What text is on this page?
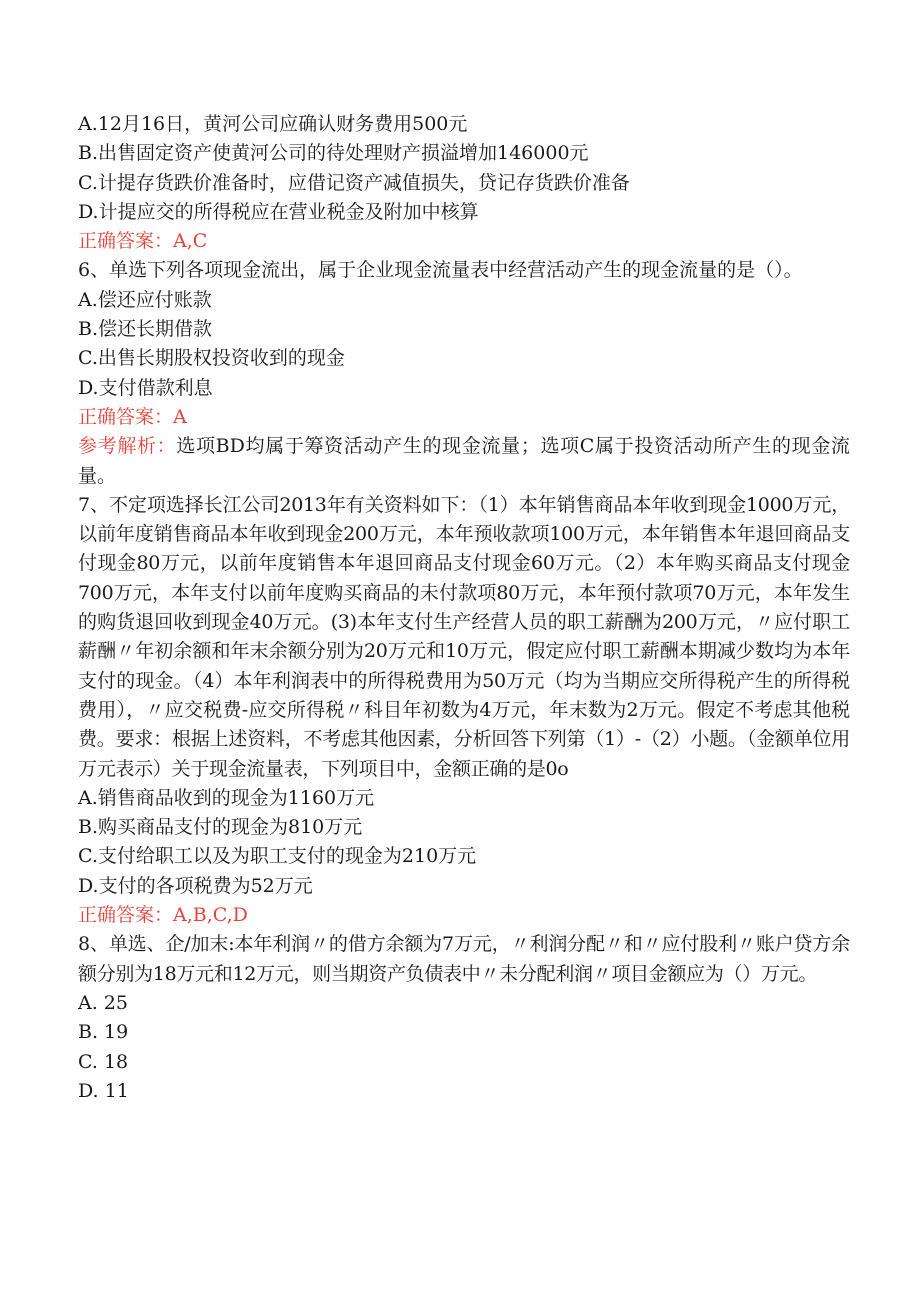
A.12月16日，黄河公司应确认财务费用500元
B.出售固定资产使黄河公司的待处理财产损溢增加146000元
C.计提存货跌价准备时，应借记资产减值损失，贷记存货跌价准备
D.计提应交的所得税应在营业税金及附加中核算
正确答案：A,C
6、单选下列各项现金流出，属于企业现金流量表中经营活动产生的现金流量的是（）。
A.偿还应付账款
B.偿还长期借款
C.出售长期股权投资收到的现金
D.支付借款利息
正确答案：A
参考解析：选项BD均属于筹资活动产生的现金流量；选项C属于投资活动所产生的现金流量。
7、不定项选择长江公司2013年有关资料如下：（1）本年销售商品本年收到现金1000万元，以前年度销售商品本年收到现金200万元，本年预收款项100万元，本年销售本年退回商品支付现金80万元，以前年度销售本年退回商品支付现金60万元。（2）本年购买商品支付现金700万元，本年支付以前年度购买商品的未付款项80万元，本年预付款项70万元，本年发生的购货退回收到现金40万元。(3)本年支付生产经营人员的职工薪酬为200万元，〃应付职工薪酬〃年初余额和年末余额分别为20万元和10万元，假定应付职工薪酬本期减少数均为本年支付的现金。（4）本年利润表中的所得税费用为50万元（均为当期应交所得税产生的所得税费用），〃应交税费-应交所得税〃科目年初数为4万元，年末数为2万元。假定不考虑其他税费。要求：根据上述资料，不考虑其他因素，分析回答下列第（1）-（2）小题。（金额单位用万元表示）关于现金流量表，下列项目中，金额正确的是0o
A.销售商品收到的现金为1160万元
B.购买商品支付的现金为810万元
C.支付给职工以及为职工支付的现金为210万元
D.支付的各项税费为52万元
正确答案：A,B,C,D
8、单选、企/加末:本年利润〃的借方余额为7万元，〃利润分配〃和〃应付股利〃账户贷方余额分别为18万元和12万元，则当期资产负债表中〃未分配利润〃项目金额应为（）万元。
A. 25
B. 19
C. 18
D. 11
